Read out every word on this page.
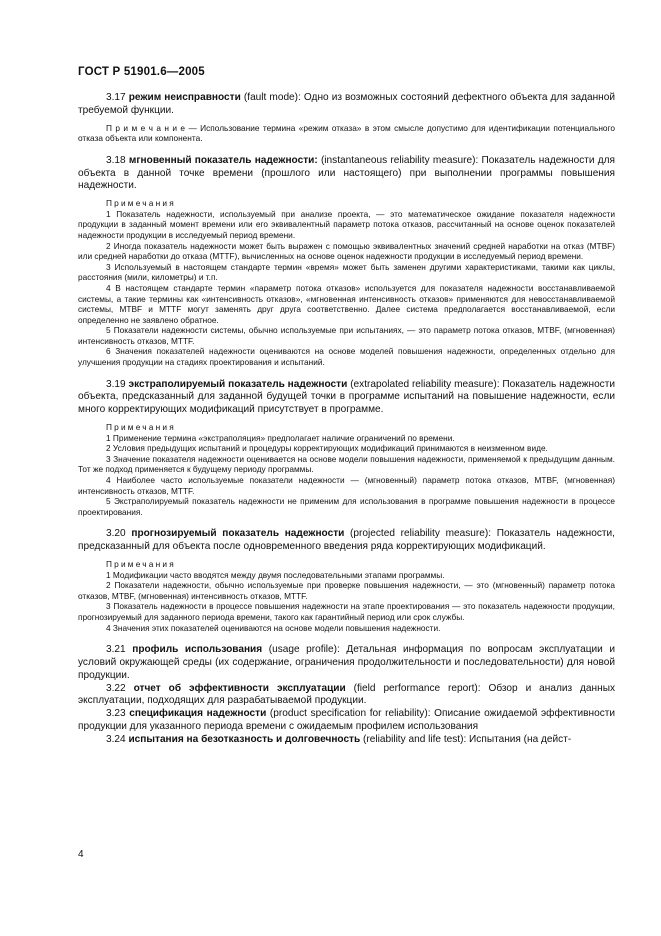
ГОСТ Р 51901.6—2005

3.17 режим неисправности (fault mode): Одно из возможных состояний дефектного объекта для заданной требуемой функции.

П р и м е ч а н и е — Использование термина «режим отказа» в этом смысле допустимо для идентификации потенциального отказа объекта или компонента.

3.18 мгновенный показатель надежности: (instantaneous reliability measure): Показатель надежности для объекта в данной точке времени (прошлого или настоящего) при выполнении программы повышения надежности.

Примечания

1 Показатель надежности, используемый при анализе проекта, — это математическое ожидание показателя надежности продукции в заданный момент времени или его эквивалентный параметр потока отказов, рассчитанный на основе оценок показателей надежности продукции в исследуемый период времени.

2 Иногда показатель надежности может быть выражен с помощью эквивалентных значений средней наработки на отказ (MTBF) или средней наработки до отказа (MTTF), вычисленных на основе оценок надежности продукции в исследуемый период времени.

3 Используемый в настоящем стандарте термин «время» может быть заменен другими характеристиками, такими как циклы, расстояния (мили, километры) и т.п.

4 В настоящем стандарте термин «параметр потока отказов» используется для показателя надежности восстанавливаемой системы, а такие термины как «интенсивность отказов», «мгновенная интенсивность отказов» применяются для невосстанавливаемой системы, MTBF и MTTF могут заменять друг друга соответственно. Далее система предполагается восстанавливаемой, если определенно не заявлено обратное.

5 Показатели надежности системы, обычно используемые при испытаниях, — это параметр потока отказов, MTBF, (мгновенная) интенсивность отказов, MTTF.

6 Значения показателей надежности оцениваются на основе моделей повышения надежности, определенных отдельно для улучшения продукции на стадиях проектирования и испытаний.

3.19 экстраполируемый показатель надежности (extrapolated reliability measure): Показатель надежности объекта, предсказанный для заданной будущей точки в программе испытаний на повышение надежности, если много корректирующих модификаций присутствует в программе.

Примечания

1 Применение термина «экстраполяция» предполагает наличие ограничений по времени.

2 Условия предыдущих испытаний и процедуры корректирующих модификаций принимаются в неизменном виде.

3 Значение показателя надежности оценивается на основе модели повышения надежности, применяемой к предыдущим данным. Тот же подход применяется к будущему периоду программы.

4 Наиболее часто используемые показатели надежности — (мгновенный) параметр потока отказов, MTBF, (мгновенная) интенсивность отказов, MTTF.

5 Экстраполируемый показатель надежности не применим для использования в программе повышения надежности в процессе проектирования.

3.20 прогнозируемый показатель надежности (projected reliability measure): Показатель надежности, предсказанный для объекта после одновременного введения ряда корректирующих модификаций.

Примечания

1 Модификации часто вводятся между двумя последовательными этапами программы.

2 Показатели надежности, обычно используемые при проверке повышения надежности, — это (мгновенный) параметр потока отказов, MTBF, (мгновенная) интенсивность отказов, MTTF.

3 Показатель надежности в процессе повышения надежности на этапе проектирования — это показатель надежности продукции, прогнозируемый для заданного периода времени, такого как гарантийный период или срок службы.

4 Значения этих показателей оцениваются на основе модели повышения надежности.

3.21 профиль использования (usage profile): Детальная информация по вопросам эксплуатации и условий окружающей среды (их содержание, ограничения продолжительности и последовательности) для новой продукции.

3.22 отчет об эффективности эксплуатации (field performance report): Обзор и анализ данных эксплуатации, подходящих для разрабатываемой продукции.

3.23 спецификация надежности (product specification for reliability): Описание ожидаемой эффективности продукции для указанного периода времени с ожидаемым профилем использования

3.24 испытания на безотказность и долговечность (reliability and life test): Испытания (на дейст-

4
